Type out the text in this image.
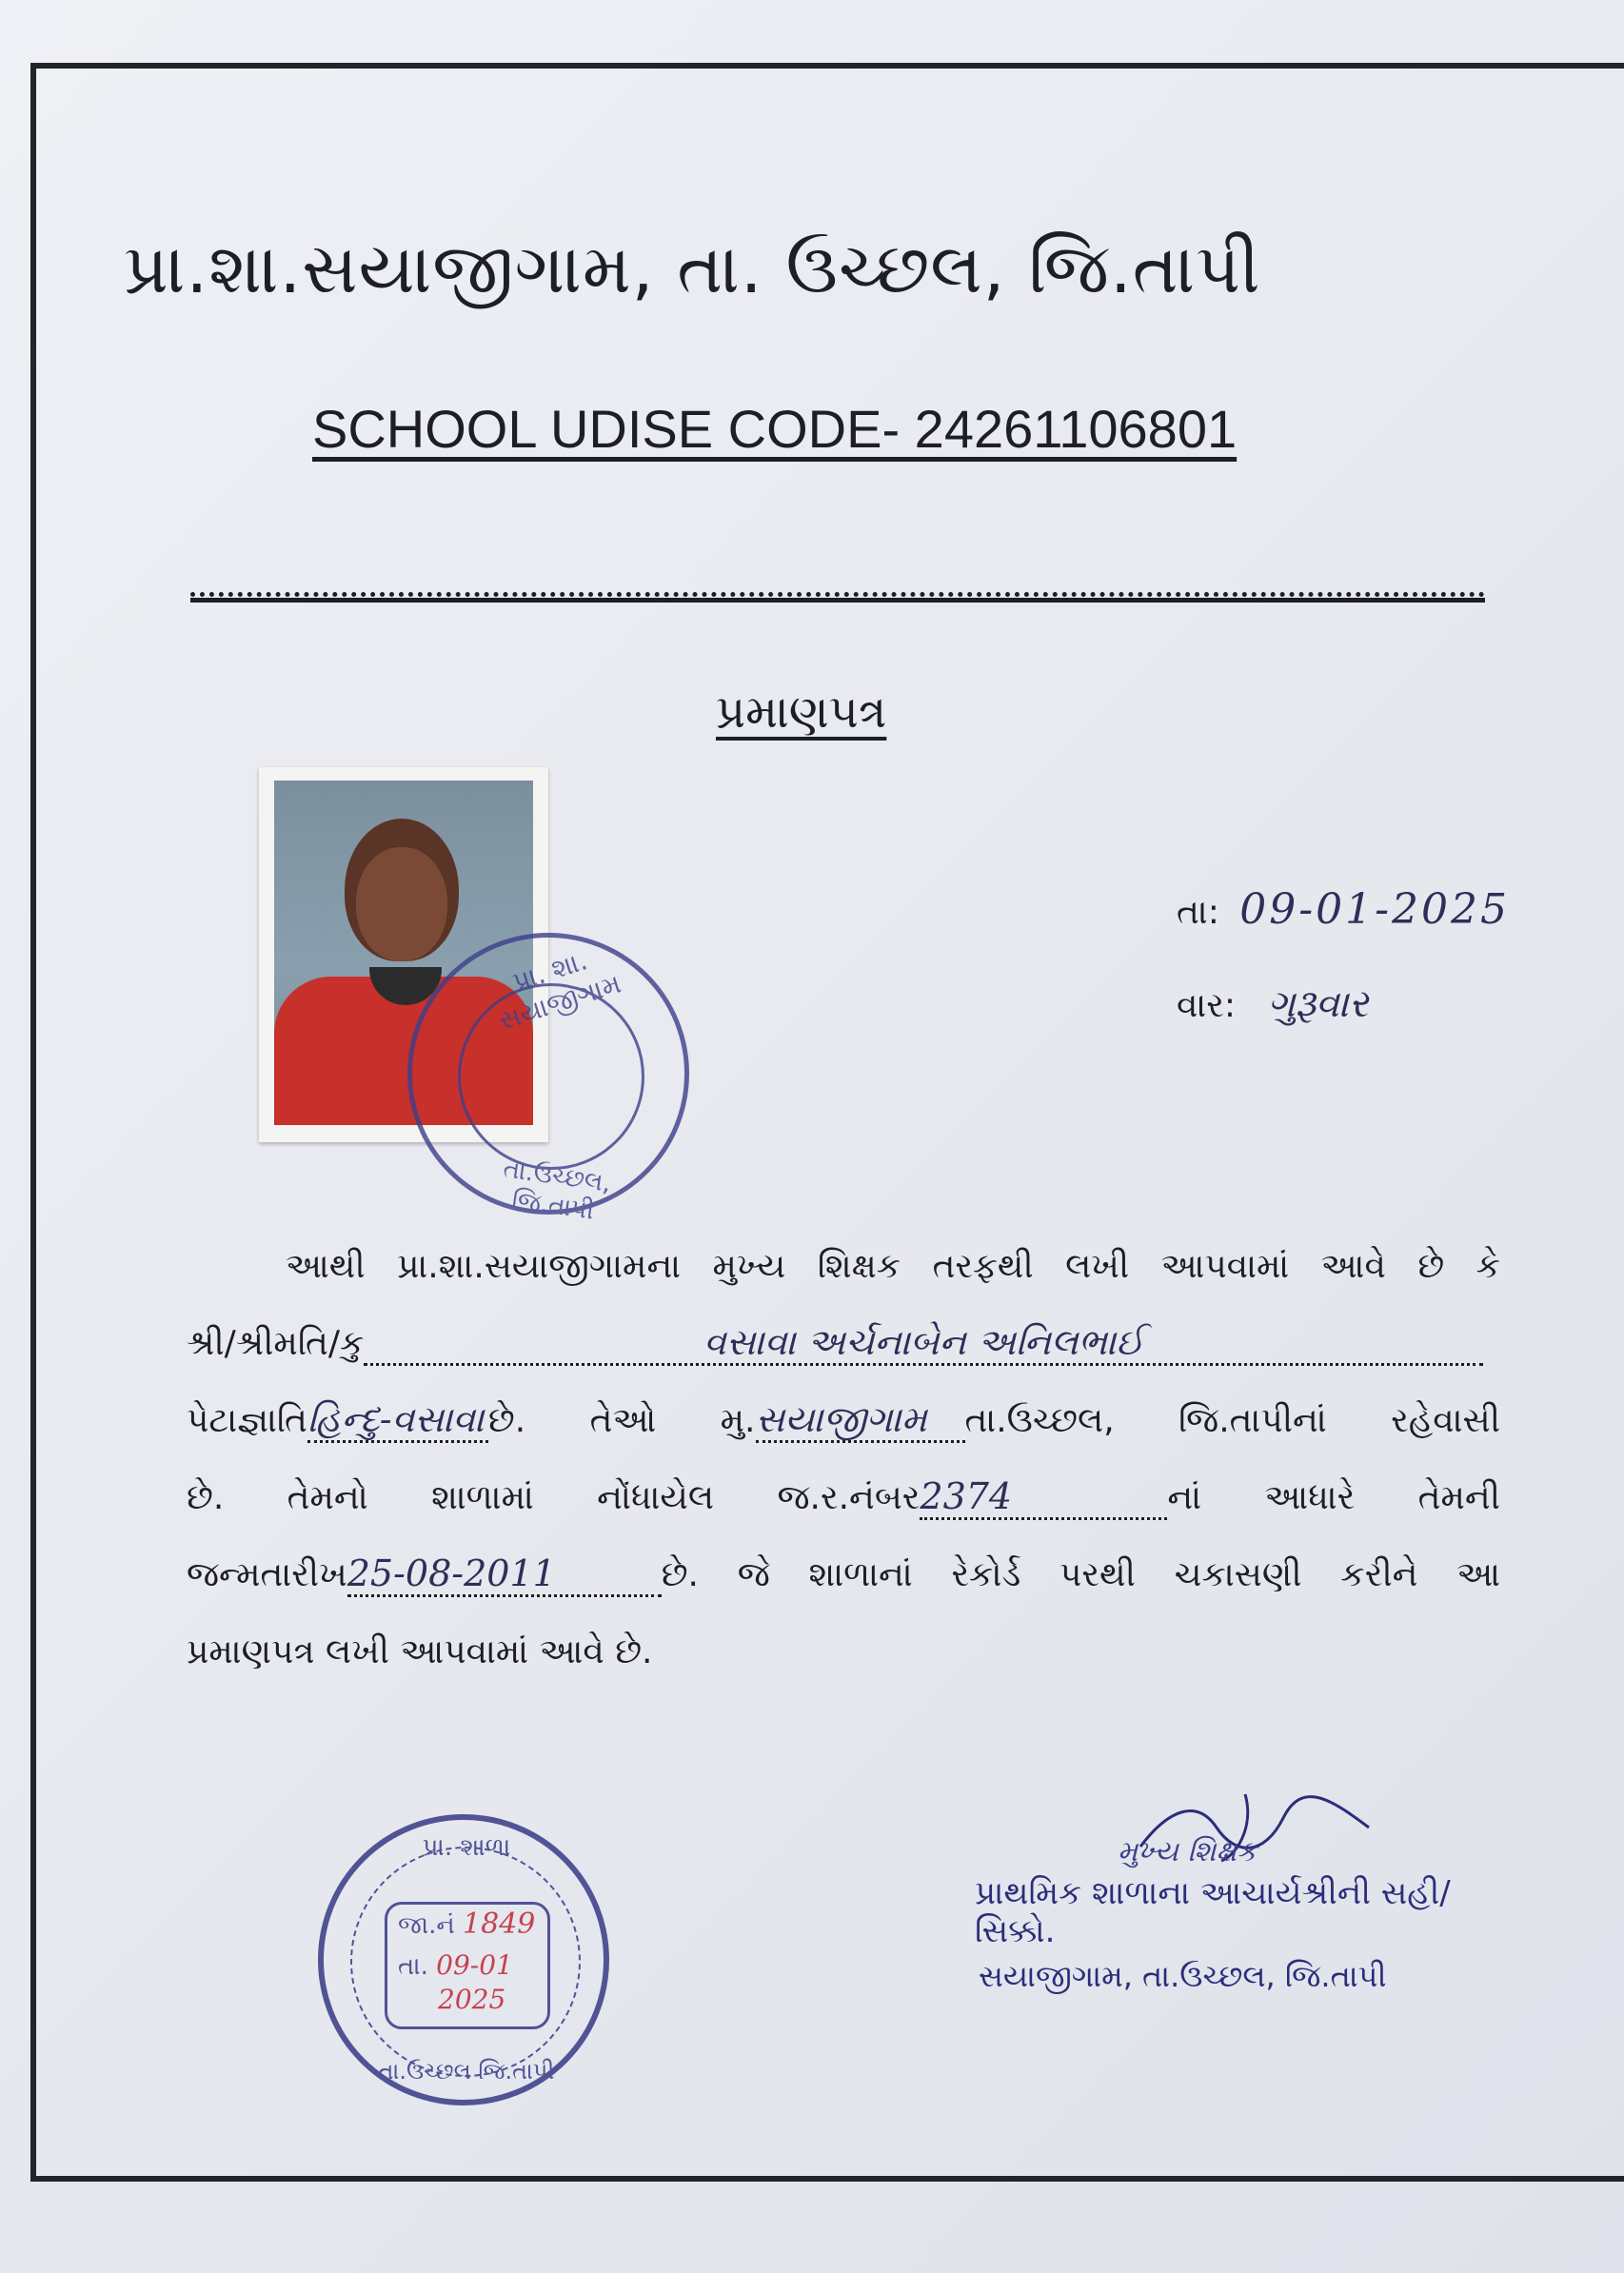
પ્રા.શા.સયાજીગામ, તા. ઉચ્છલ, જિ.તાપી
SCHOOL UDISE CODE- 24261106801
પ્રમાણપત્ર
પ્રા. શા. સયાજીગામ
તા.ઉચ્છલ, જિ.તાપી
તા: 09-01-2025
વાર: ગુરૂવાર
આથી પ્રા.શા.સયાજીગામના મુખ્ય શિક્ષક તરફથી લખી આપવામાં આવે છે કે
શ્રી/શ્રીમતિ/કુ	વસાવા અર્ચનાબેન અનિલભાઈ
પેટાજ્ઞાતિહિન્દુ-વસાવા છે. તેઓ મુ.સયાજીગામ તા.ઉચ્છલ, જિ.તાપીનાં રહેવાસી
છે. તેમનો શાળામાં નોંધાયેલ જ.ર.નંબર2374	નાં આધારે તેમની
જન્મતારીખ25-08-2011	છે. જે શાળાનાં રેકોર્ડ પરથી ચકાસણી કરીને આ
પ્રમાણપત્ર લખી આપવામાં આવે છે.
મુખ્ય શિક્ષક
પ્રાથમિક શાળાના આચાર્યશ્રીની સહી/સિક્કો.
સયાજીગામ, તા.ઉચ્છલ, જિ.તાપી
પ્રા. શાળા
તા.ઉચ્છલ જિ.તાપી
જા.નં 1849
તા. 09-01
2025
